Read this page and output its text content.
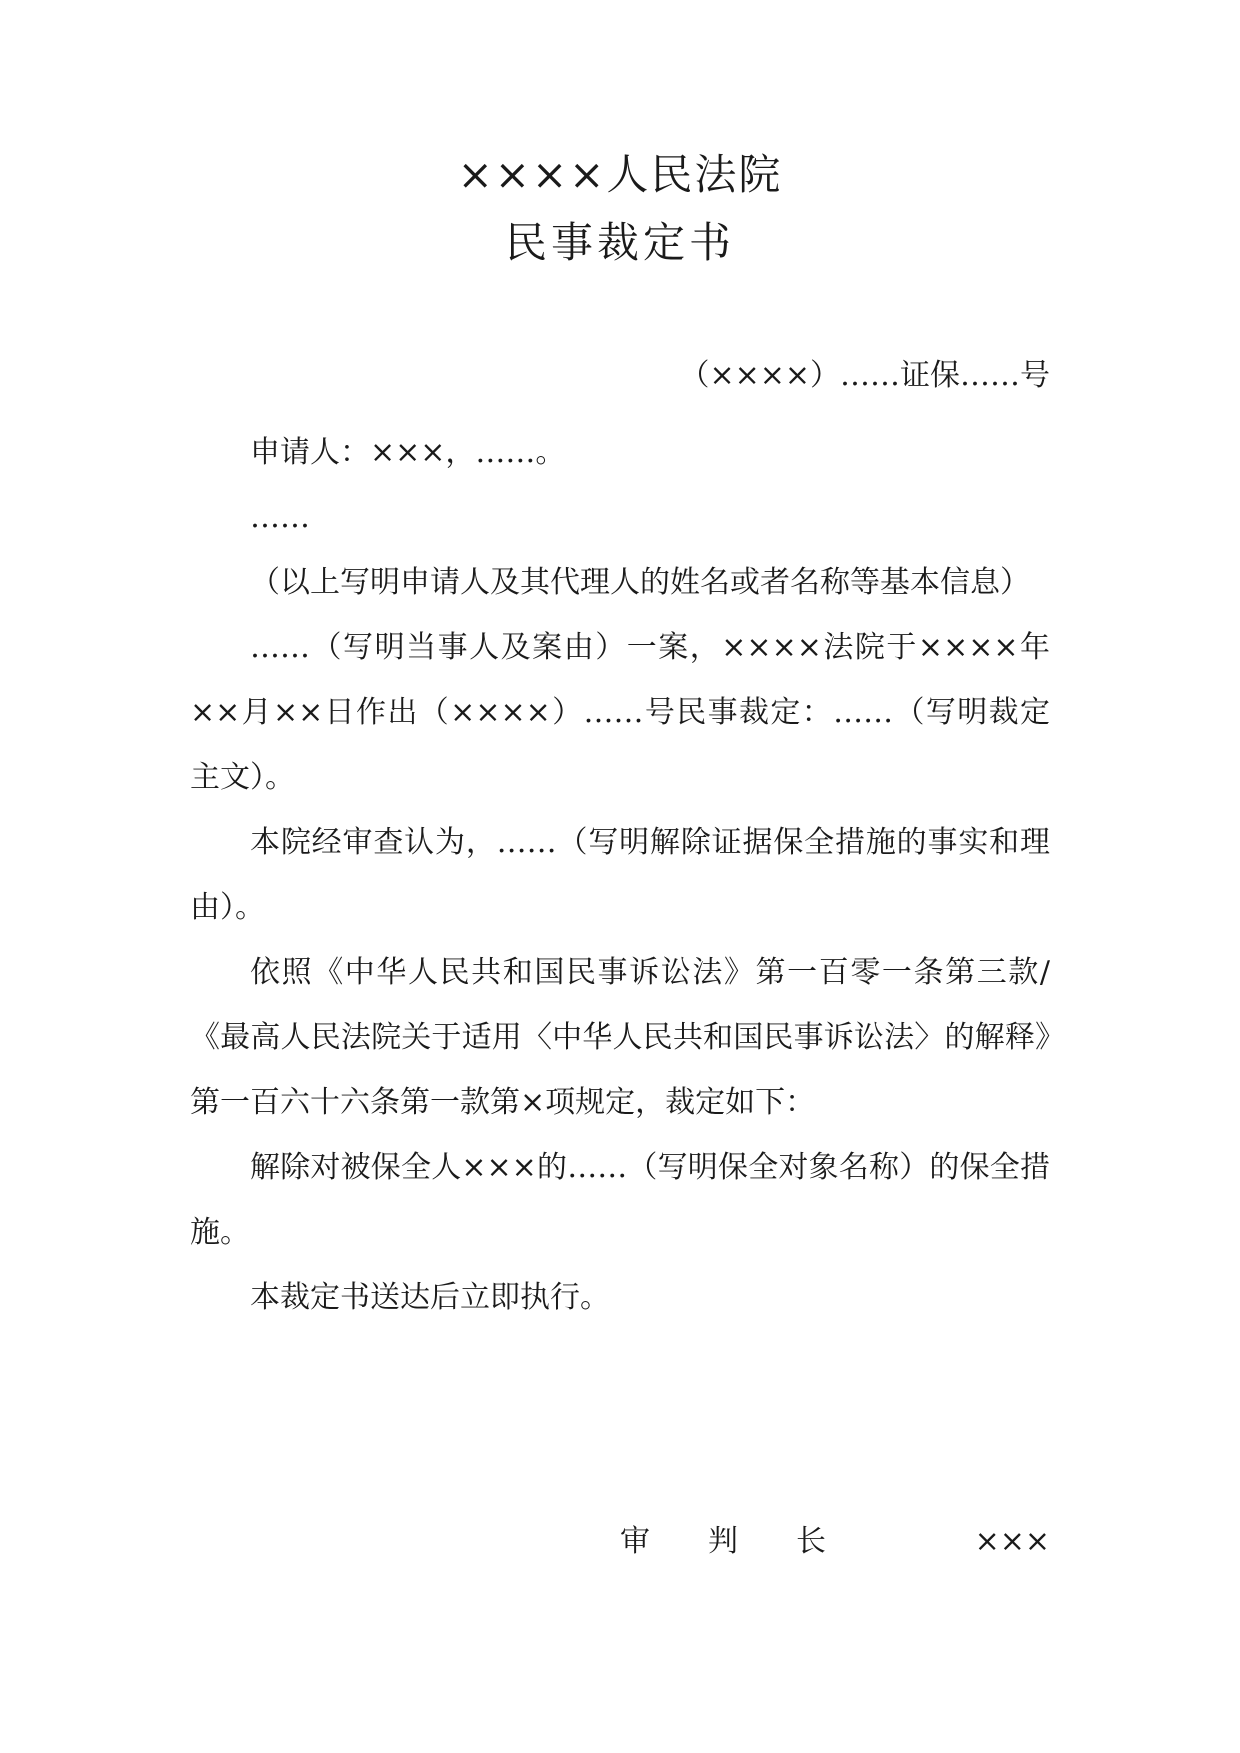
××××人民法院
民事裁定书
（××××）……证保……号

申请人：×××，……。

……

（以上写明申请人及其代理人的姓名或者名称等基本信息）

……（写明当事人及案由）一案，××××法院于××××年××月××日作出（××××）……号民事裁定：……（写明裁定主文）。

本院经审查认为，……（写明解除证据保全措施的事实和理由）。

依照《中华人民共和国民事诉讼法》第一百零一条第三款/《最高人民法院关于适用〈中华人民共和国民事诉讼法〉的解释》第一百六十六条第一款第×项规定，裁定如下：

解除对被保全人×××的……（写明保全对象名称）的保全措施。

本裁定书送达后立即执行。

审判长	×××
